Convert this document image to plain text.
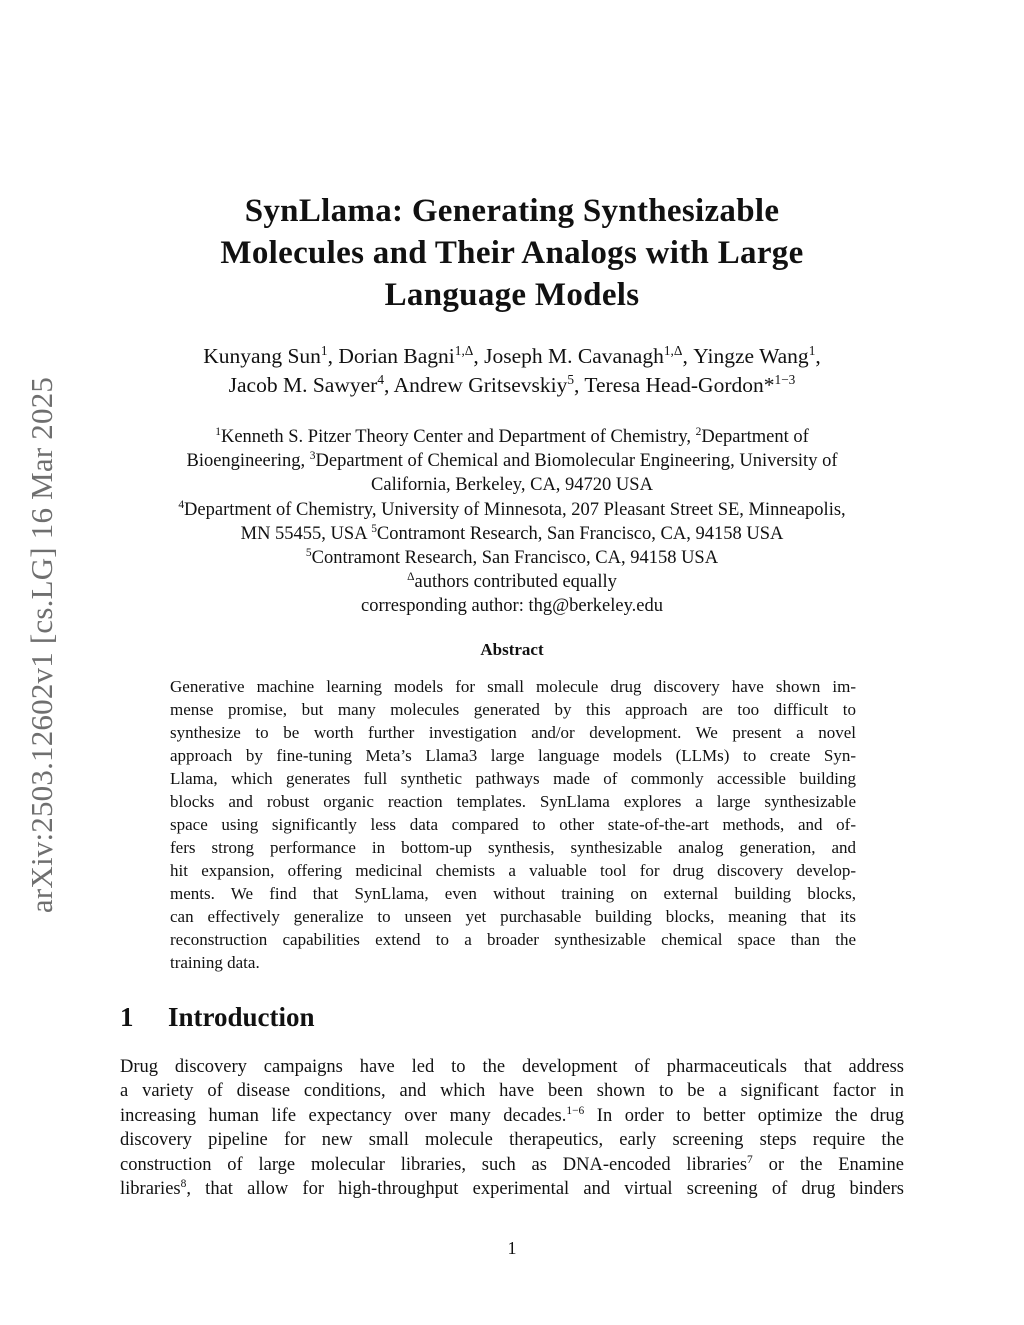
arXiv:2503.12602v1 [cs.LG] 16 Mar 2025
SynLlama: Generating Synthesizable
Molecules and Their Analogs with Large
Language Models
Kunyang Sun$^1$, Dorian Bagni$^{1,\Delta}$, Joseph M. Cavanagh$^{1,\Delta}$, Yingze Wang$^1$,
Jacob M. Sawyer$^4$, Andrew Gritsevskiy$^5$, Teresa Head-Gordon*$^{1-3}$
$^1$Kenneth S. Pitzer Theory Center and Department of Chemistry, $^2$Department of
Bioengineering, $^3$Department of Chemical and Biomolecular Engineering, University of
California, Berkeley, CA, 94720 USA
$^4$Department of Chemistry, University of Minnesota, 207 Pleasant Street SE, Minneapolis,
MN 55455, USA $^5$Contramont Research, San Francisco, CA, 94158 USA
$^5$Contramont Research, San Francisco, CA, 94158 USA
$^\Delta$authors contributed equally
corresponding author: thg@berkeley.edu
Abstract
Generative machine learning models for small molecule drug discovery have shown im-
mense promise, but many molecules generated by this approach are too difficult to
synthesize to be worth further investigation and/or development. We present a novel
approach by fine-tuning Meta’s Llama3 large language models (LLMs) to create Syn-
Llama, which generates full synthetic pathways made of commonly accessible building
blocks and robust organic reaction templates. SynLlama explores a large synthesizable
space using significantly less data compared to other state-of-the-art methods, and of-
fers strong performance in bottom-up synthesis, synthesizable analog generation, and
hit expansion, offering medicinal chemists a valuable tool for drug discovery develop-
ments. We find that SynLlama, even without training on external building blocks,
can effectively generalize to unseen yet purchasable building blocks, meaning that its
reconstruction capabilities extend to a broader synthesizable chemical space than the
training data.
1 Introduction
Drug discovery campaigns have led to the development of pharmaceuticals that address
a variety of disease conditions, and which have been shown to be a significant factor in
increasing human life expectancy over many decades.$^{1-6}$ In order to better optimize the drug
discovery pipeline for new small molecule therapeutics, early screening steps require the
construction of large molecular libraries, such as DNA-encoded libraries$^7$ or the Enamine
libraries$^8$, that allow for high-throughput experimental and virtual screening of drug binders
1
